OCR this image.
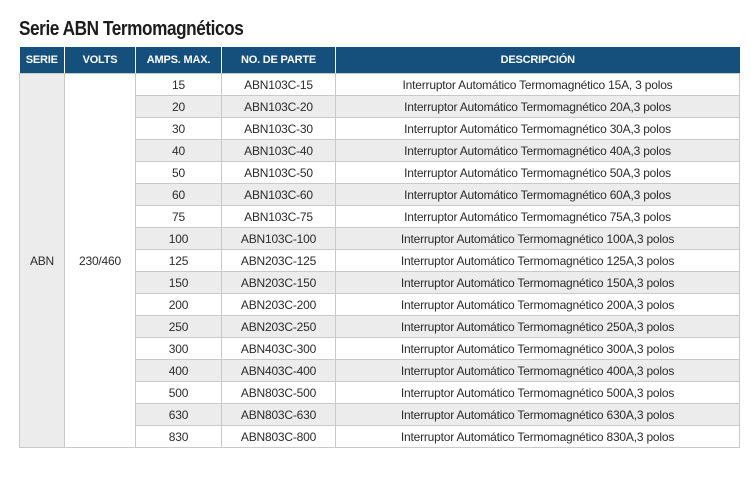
Serie ABN Termomagnéticos
SERIE	VOLTS	AMPS. MAX.	NO. DE PARTE	DESCRIPCIÓN
ABN	230/460	15	ABN103C-15	Interruptor Automático Termomagnético 15A, 3 polos
		20	ABN103C-20	Interruptor Automático Termomagnético 20A,3 polos
		30	ABN103C-30	Interruptor Automático Termomagnético 30A,3 polos
		40	ABN103C-40	Interruptor Automático Termomagnético 40A,3 polos
		50	ABN103C-50	Interruptor Automático Termomagnético 50A,3 polos
		60	ABN103C-60	Interruptor Automático Termomagnético 60A,3 polos
		75	ABN103C-75	Interruptor Automático Termomagnético 75A,3 polos
		100	ABN103C-100	Interruptor Automático Termomagnético 100A,3 polos
		125	ABN203C-125	Interruptor Automático Termomagnético 125A,3 polos
		150	ABN203C-150	Interruptor Automático Termomagnético 150A,3 polos
		200	ABN203C-200	Interruptor Automático Termomagnético 200A,3 polos
		250	ABN203C-250	Interruptor Automático Termomagnético 250A,3 polos
		300	ABN403C-300	Interruptor Automático Termomagnético 300A,3 polos
		400	ABN403C-400	Interruptor Automático Termomagnético 400A,3 polos
		500	ABN803C-500	Interruptor Automático Termomagnético 500A,3 polos
		630	ABN803C-630	Interruptor Automático Termomagnético 630A,3 polos
		830	ABN803C-800	Interruptor Automático Termomagnético 830A,3 polos
